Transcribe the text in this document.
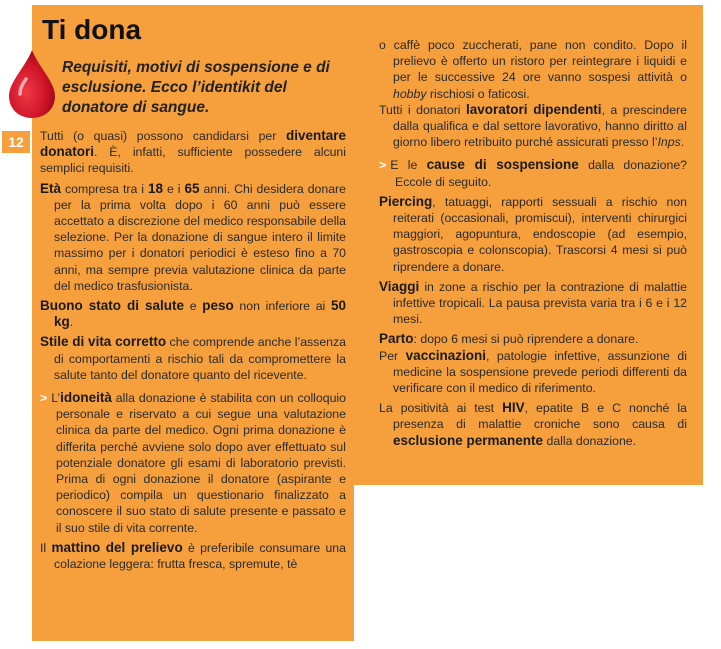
12
Ti dona

Requisiti, motivi di sospensione e di esclusione. Ecco l’identikit del donatore di sangue.

Tutti (o quasi) possono candidarsi per diventare donatori. È, infatti, sufficiente possedere alcuni semplici requisiti.

Età compresa tra i 18 e i 65 anni. Chi desidera donare per la prima volta dopo i 60 anni può essere accettato a discrezione del medico responsabile della selezione. Per la donazione di sangue intero il limite massimo per i donatori periodici è esteso fino a 70 anni, ma sempre previa valutazione clinica da parte del medico trasfusionista.

Buono stato di salute e peso non inferiore ai 50 kg.

Stile di vita corretto che comprende anche l’assenza di comportamenti a rischio tali da compromettere la salute tanto del donatore quanto del ricevente.

> L’idoneità alla donazione è stabilita con un colloquio personale e riservato a cui segue una valutazione clinica da parte del medico. Ogni prima donazione è differita perché avviene solo dopo aver effettuato sul potenziale donatore gli esami di laboratorio previsti. Prima di ogni donazione il donatore (aspirante e periodico) compila un questionario finalizzato a conoscere il suo stato di salute presente e passato e il suo stile di vita corrente.

Il mattino del prelievo è preferibile consumare una colazione leggera: frutta fresca, spremute, tè

o caffè poco zuccherati, pane non condito. Dopo il prelievo è offerto un ristoro per reintegrare i liquidi e per le successive 24 ore vanno sospesi attività o hobby rischiosi o faticosi.

Tutti i donatori lavoratori dipendenti, a prescindere dalla qualifica e dal settore lavorativo, hanno diritto al giorno libero retribuito purché assicurati presso l’Inps.

> E le cause di sospensione dalla donazione? Eccole di seguito.

Piercing, tatuaggi, rapporti sessuali a rischio non reiterati (occasionali, promiscui), interventi chirurgici maggiori, agopuntura, endoscopie (ad esempio, gastroscopia e colonscopia). Trascorsi 4 mesi si può riprendere a donare.

Viaggi in zone a rischio per la contrazione di malattie infettive tropicali. La pausa prevista varia tra i 6 e i 12 mesi.

Parto: dopo 6 mesi si può riprendere a donare.

Per vaccinazioni, patologie infettive, assunzione di medicine la sospensione prevede periodi differenti da verificare con il medico di riferimento.

La positività ai test HIV, epatite B e C nonché la presenza di malattie croniche sono causa di esclusione permanente dalla donazione.
